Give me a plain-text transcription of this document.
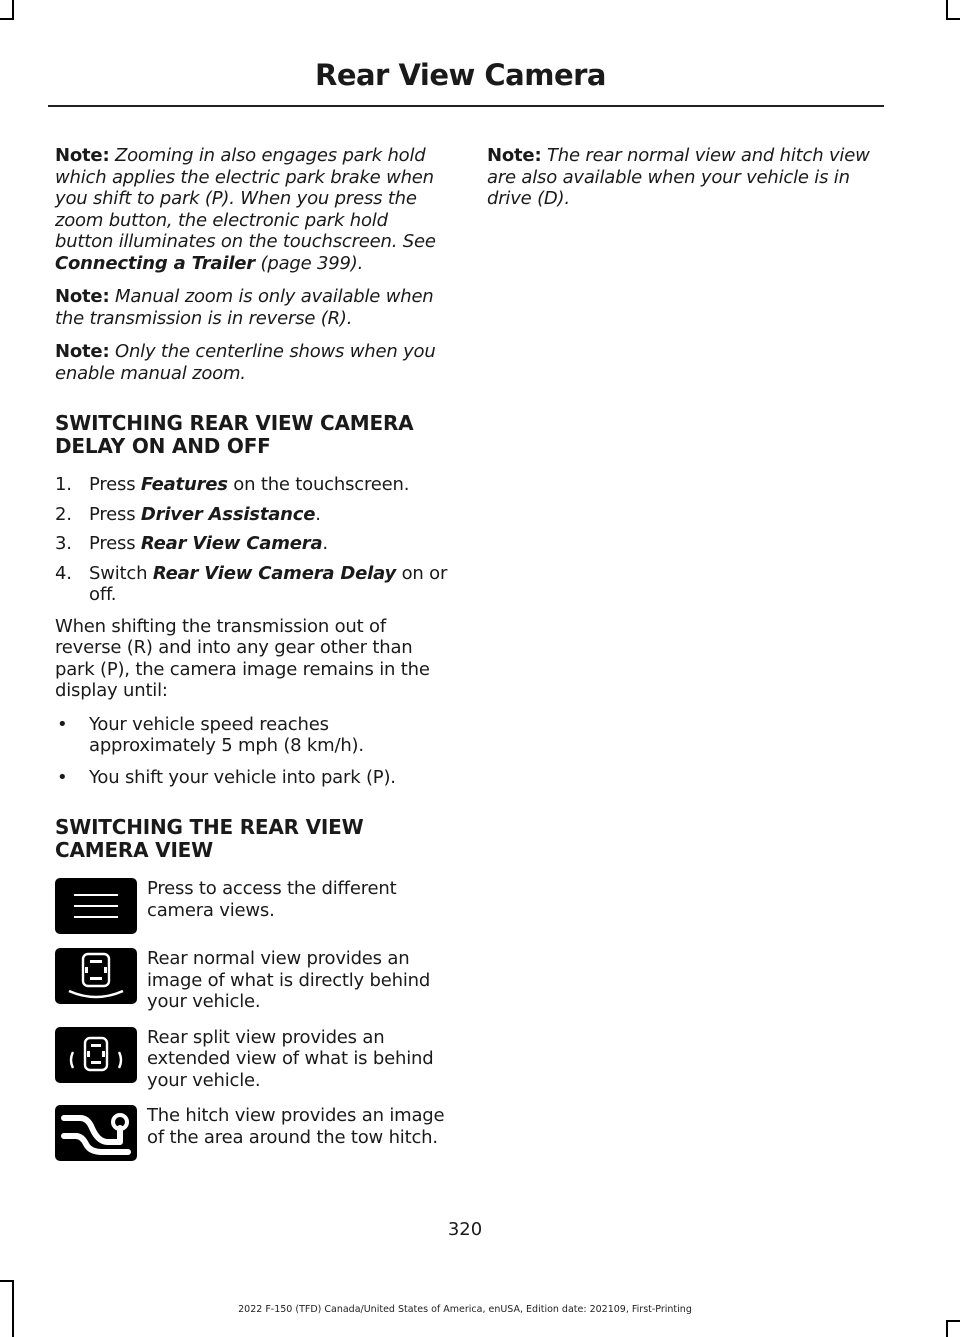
Rear View Camera

Note: Zooming in also engages park hold which applies the electric park brake when you shift to park (P). When you press the zoom button, the electronic park hold button illuminates on the touchscreen. See Connecting a Trailer (page 399).

Note: Manual zoom is only available when the transmission is in reverse (R).

Note: Only the centerline shows when you enable manual zoom.

SWITCHING REAR VIEW CAMERA DELAY ON AND OFF
1. Press Features on the touchscreen.
2. Press Driver Assistance.
3. Press Rear View Camera.
4. Switch Rear View Camera Delay on or off.

When shifting the transmission out of reverse (R) and into any gear other than park (P), the camera image remains in the display until:

• Your vehicle speed reaches approximately 5 mph (8 km/h).
• You shift your vehicle into park (P).
SWITCHING THE REAR VIEW CAMERA VIEW
Press to access the different camera views.
Rear normal view provides an image of what is directly behind your vehicle.
Rear split view provides an extended view of what is behind your vehicle.
The hitch view provides an image of the area around the tow hitch.

Note: The rear normal view and hitch view are also available when your vehicle is in drive (D).

320
2022 F-150 (TFD) Canada/United States of America, enUSA, Edition date: 202109, First-Printing
